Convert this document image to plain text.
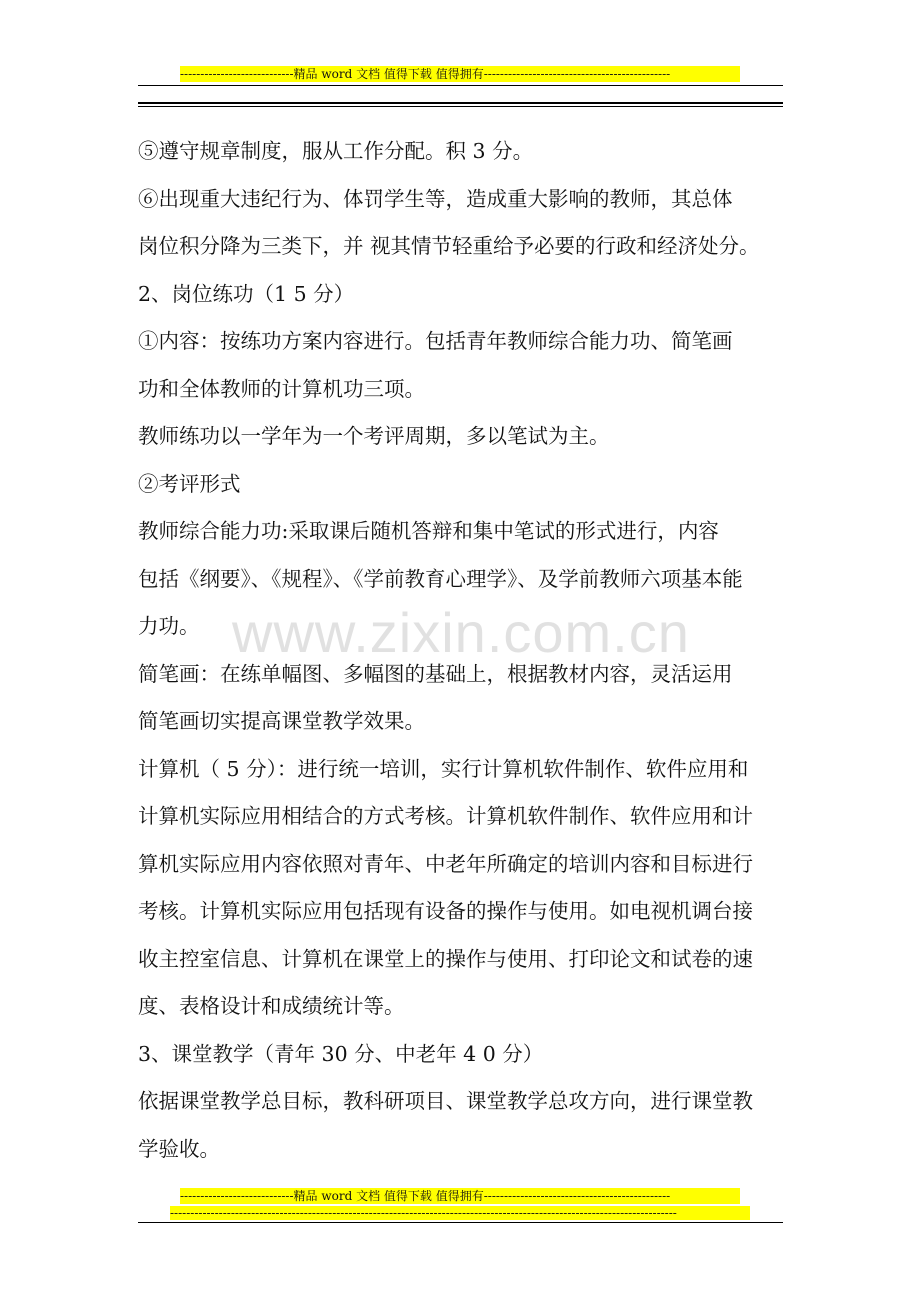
----------------------------精品 word 文档 值得下载 值得拥有----------------------------------------------

⑤遵守规章制度，服从工作分配。积 3 分。

⑥出现重大违纪行为、体罚学生等，造成重大影响的教师，其总体

岗位积分降为三类下，并 视其情节轻重给予必要的行政和经济处分。

2、岗位练功（1 5 分）

①内容：按练功方案内容进行。包括青年教师综合能力功、简笔画

功和全体教师的计算机功三项。

教师练功以一学年为一个考评周期，多以笔试为主。

②考评形式

教师综合能力功:采取课后随机答辩和集中笔试的形式进行，内容

包括《纲要》、《规程》、《学前教育心理学》、及学前教师六项基本能

力功。

简笔画：在练单幅图、多幅图的基础上，根据教材内容，灵活运用

简笔画切实提高课堂教学效果。

计算机（ 5 分）：进行统一培训，实行计算机软件制作、软件应用和

计算机实际应用相结合的方式考核。计算机软件制作、软件应用和计

算机实际应用内容依照对青年、中老年所确定的培训内容和目标进行

考核。计算机实际应用包括现有设备的操作与使用。如电视机调台接

收主控室信息、计算机在课堂上的操作与使用、打印论文和试卷的速

度、表格设计和成绩统计等。

3、课堂教学（青年 30 分、中老年 4 0 分）

依据课堂教学总目标，教科研项目、课堂教学总攻方向，进行课堂教

学验收。

www.zixin.com.cn
----------------------------精品 word 文档 值得下载 值得拥有----------------------------------------------
-----------------------------------------------------------------------------------------------------------------------------
